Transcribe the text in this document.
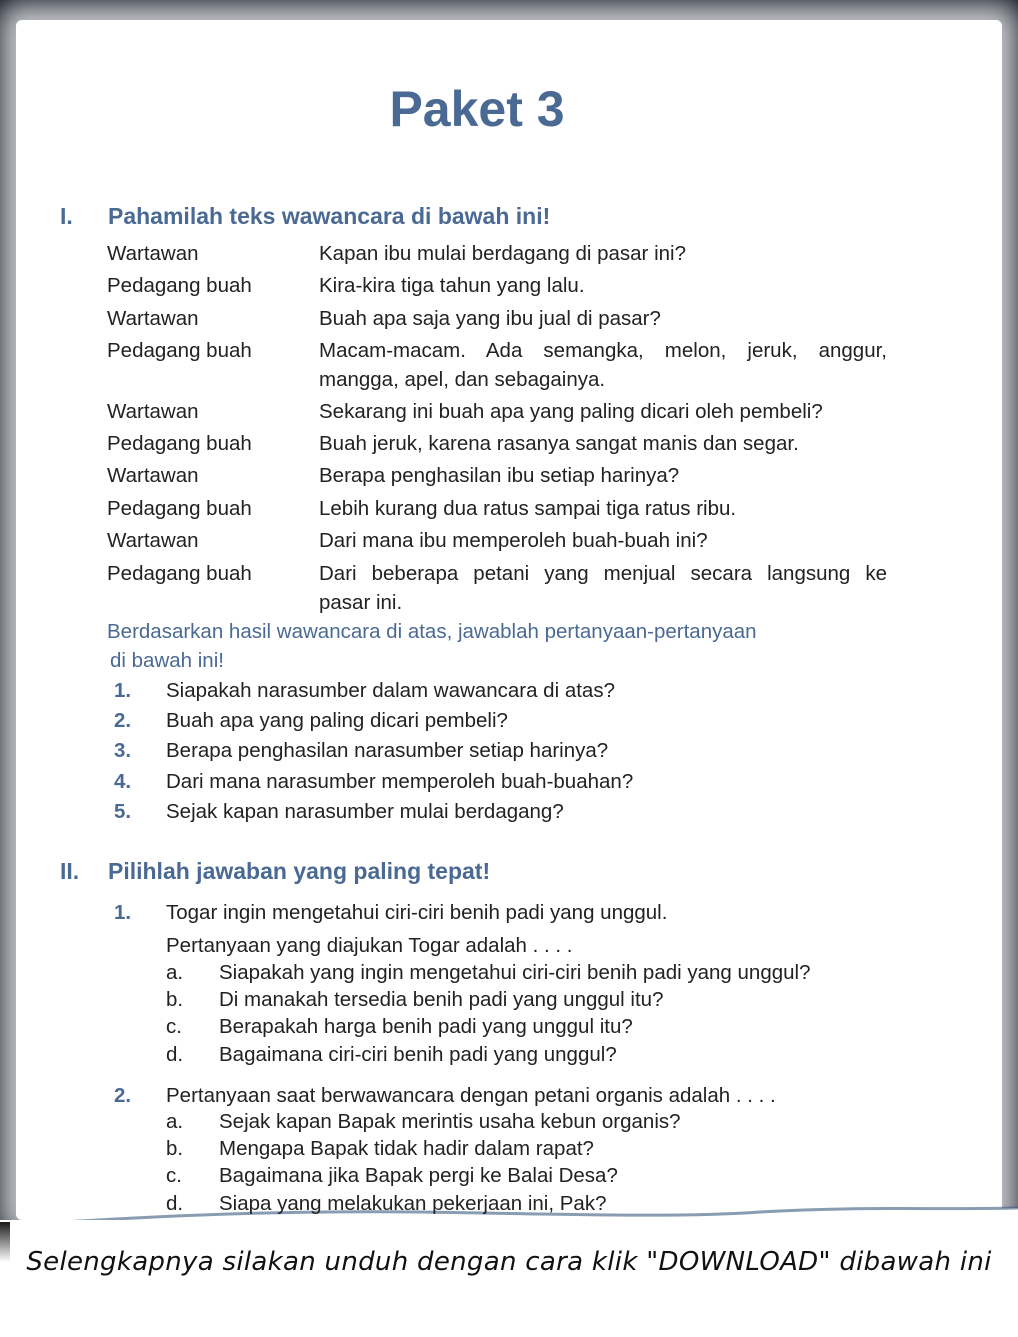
Paket 3
I. Pahamilah teks wawancara di bawah ini!
Wartawan	Kapan ibu mulai berdagang di pasar ini?
Pedagang buah	Kira-kira tiga tahun yang lalu.
Wartawan	Buah apa saja yang ibu jual di pasar?
Pedagang buah	Macam-macam. Ada semangka, melon, jeruk, anggur,
mangga, apel, dan sebagainya.
Wartawan	Sekarang ini buah apa yang paling dicari oleh pembeli?
Pedagang buah	Buah jeruk, karena rasanya sangat manis dan segar.
Wartawan	Berapa penghasilan ibu setiap harinya?
Pedagang buah	Lebih kurang dua ratus sampai tiga ratus ribu.
Wartawan	Dari mana ibu memperoleh buah-buah ini?
Pedagang buah	Dari beberapa petani yang menjual secara langsung ke
pasar ini.
Berdasarkan hasil wawancara di atas, jawablah pertanyaan-pertanyaan
di bawah ini!
1. Siapakah narasumber dalam wawancara di atas?
2. Buah apa yang paling dicari pembeli?
3. Berapa penghasilan narasumber setiap harinya?
4. Dari mana narasumber memperoleh buah-buahan?
5. Sejak kapan narasumber mulai berdagang?
II. Pilihlah jawaban yang paling tepat!
1. Togar ingin mengetahui ciri-ciri benih padi yang unggul.
Pertanyaan yang diajukan Togar adalah . . . .
a. Siapakah yang ingin mengetahui ciri-ciri benih padi yang unggul?
b. Di manakah tersedia benih padi yang unggul itu?
c. Berapakah harga benih padi yang unggul itu?
d. Bagaimana ciri-ciri benih padi yang unggul?
2. Pertanyaan saat berwawancara dengan petani organis adalah . . . .
a. Sejak kapan Bapak merintis usaha kebun organis?
b. Mengapa Bapak tidak hadir dalam rapat?
c. Bagaimana jika Bapak pergi ke Balai Desa?
d. Siapa yang melakukan pekerjaan ini, Pak?
Selengkapnya silakan unduh dengan cara klik "DOWNLOAD" dibawah ini
